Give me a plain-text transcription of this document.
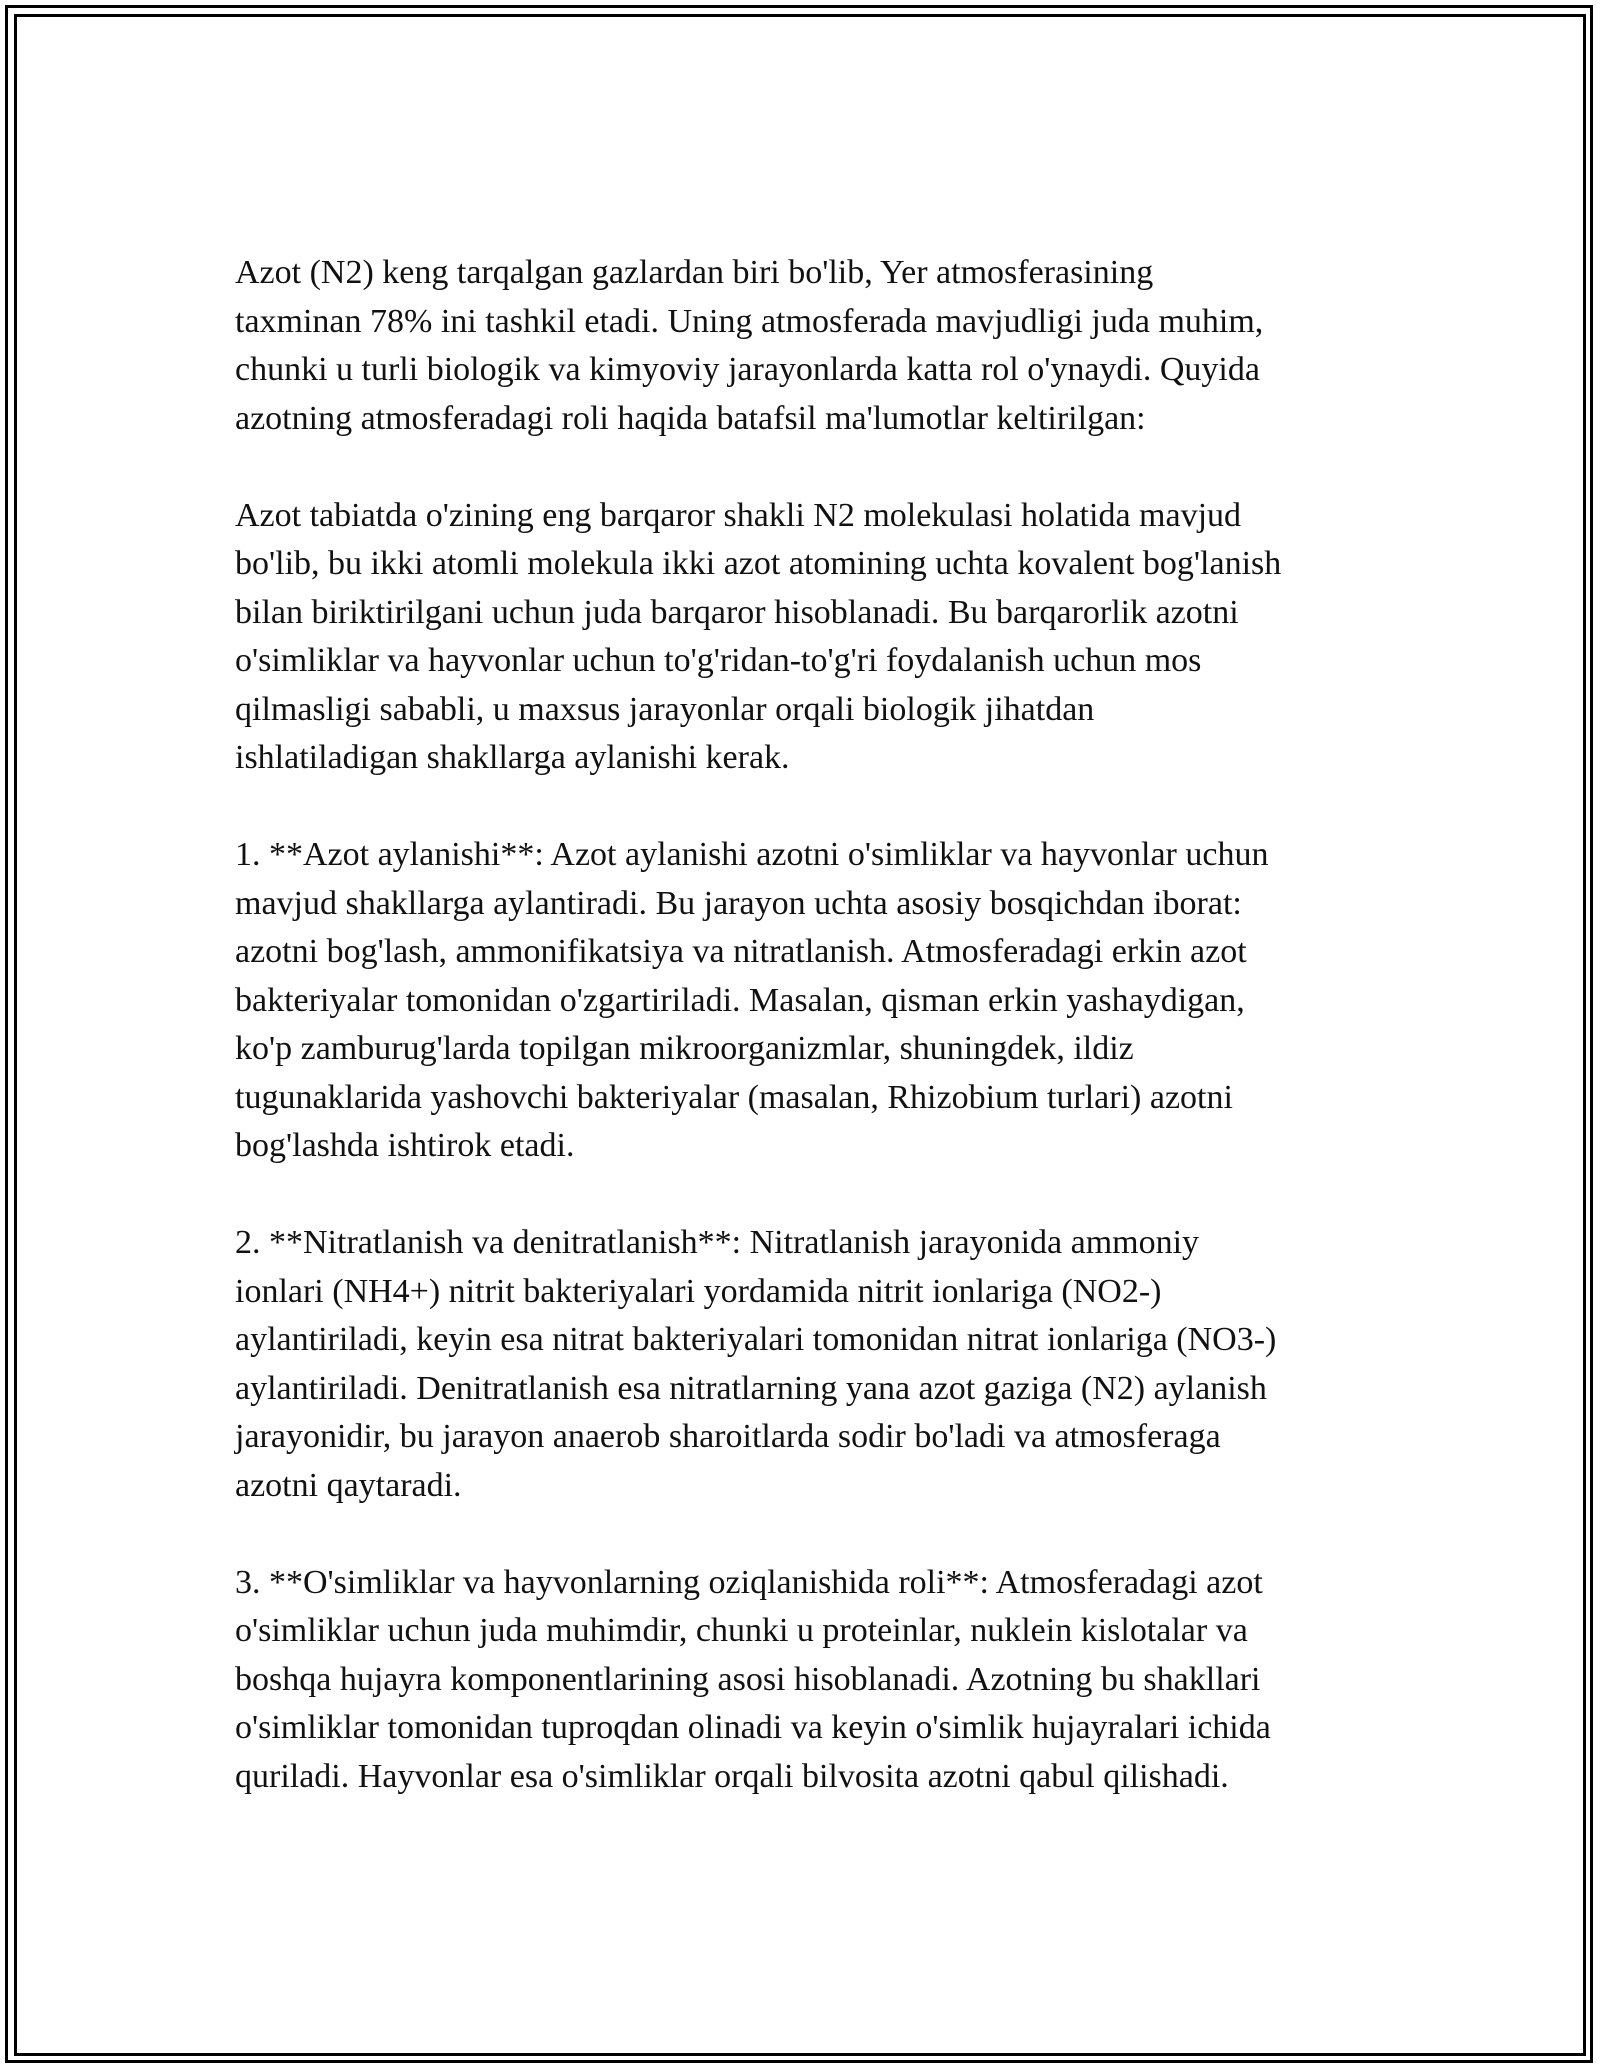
Azot (N2) keng tarqalgan gazlardan biri bo'lib, Yer atmosferasining
taxminan 78% ini tashkil etadi. Uning atmosferada mavjudligi juda muhim,
chunki u turli biologik va kimyoviy jarayonlarda katta rol o'ynaydi. Quyida
azotning atmosferadagi roli haqida batafsil ma'lumotlar keltirilgan:

Azot tabiatda o'zining eng barqaror shakli N2 molekulasi holatida mavjud
bo'lib, bu ikki atomli molekula ikki azot atomining uchta kovalent bog'lanish
bilan biriktirilgani uchun juda barqaror hisoblanadi. Bu barqarorlik azotni
o'simliklar va hayvonlar uchun to'g'ridan-to'g'ri foydalanish uchun mos
qilmasligi sababli, u maxsus jarayonlar orqali biologik jihatdan
ishlatiladigan shakllarga aylanishi kerak.

1. **Azot aylanishi**: Azot aylanishi azotni o'simliklar va hayvonlar uchun
mavjud shakllarga aylantiradi. Bu jarayon uchta asosiy bosqichdan iborat:
azotni bog'lash, ammonifikatsiya va nitratlanish. Atmosferadagi erkin azot
bakteriyalar tomonidan o'zgartiriladi. Masalan, qisman erkin yashaydigan,
ko'p zamburug'larda topilgan mikroorganizmlar, shuningdek, ildiz
tugunaklarida yashovchi bakteriyalar (masalan, Rhizobium turlari) azotni
bog'lashda ishtirok etadi.

2. **Nitratlanish va denitratlanish**: Nitratlanish jarayonida ammoniy
ionlari (NH4+) nitrit bakteriyalari yordamida nitrit ionlariga (NO2-)
aylantiriladi, keyin esa nitrat bakteriyalari tomonidan nitrat ionlariga (NO3-)
aylantiriladi. Denitratlanish esa nitratlarning yana azot gaziga (N2) aylanish
jarayonidir, bu jarayon anaerob sharoitlarda sodir bo'ladi va atmosferaga
azotni qaytaradi.

3. **O'simliklar va hayvonlarning oziqlanishida roli**: Atmosferadagi azot
o'simliklar uchun juda muhimdir, chunki u proteinlar, nuklein kislotalar va
boshqa hujayra komponentlarining asosi hisoblanadi. Azotning bu shakllari
o'simliklar tomonidan tuproqdan olinadi va keyin o'simlik hujayralari ichida
quriladi. Hayvonlar esa o'simliklar orqali bilvosita azotni qabul qilishadi.
